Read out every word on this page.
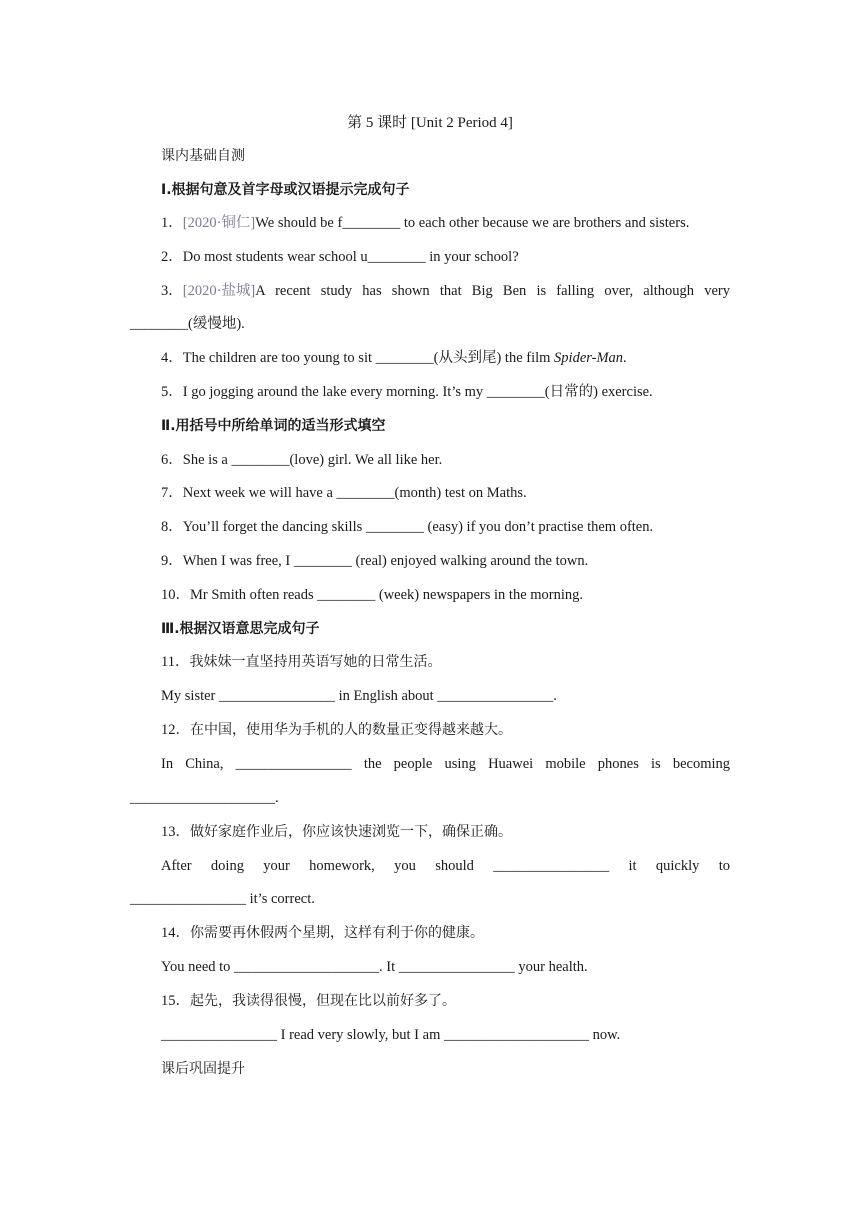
第 5 课时 [Unit 2 Period 4]
课内基础自测
Ⅰ.根据句意及首字母或汉语提示完成句子
1．[2020·铜仁]We should be f________ to each other because we are brothers and sisters.
2．Do most students wear school u________ in your school?
3．[2020·盐城] A recent study has shown that Big Ben is falling over, although very
________(缓慢地).
4．The children are too young to sit ________(从头到尾) the film Spider-Man.
5．I go jogging around the lake every morning. It’s my ________(日常的) exercise.
Ⅱ.用括号中所给单词的适当形式填空
6．She is a ________(love) girl. We all like her.
7．Next week we will have a ________(month) test on Maths.
8．You’ll forget the dancing skills ________ (easy) if you don’t practise them often.
9．When I was free, I ________ (real) enjoyed walking around the town.
10．Mr Smith often reads ________ (week) newspapers in the morning.
Ⅲ.根据汉语意思完成句子
11．我妹妹一直坚持用英语写她的日常生活。
My sister ________________ in English about ________________.
12．在中国，使用华为手机的人的数量正变得越来越大。
In China, ________________ the people using Huawei mobile phones is becoming
____________________.
13．做好家庭作业后，你应该快速浏览一下，确保正确。
After doing your homework, you should ________________ it quickly to
________________ it’s correct.
14．你需要再休假两个星期，这样有利于你的健康。
You need to ____________________. It ________________ your health.
15．起先，我读得很慢，但现在比以前好多了。
________________ I read very slowly, but I am ____________________ now.
课后巩固提升
